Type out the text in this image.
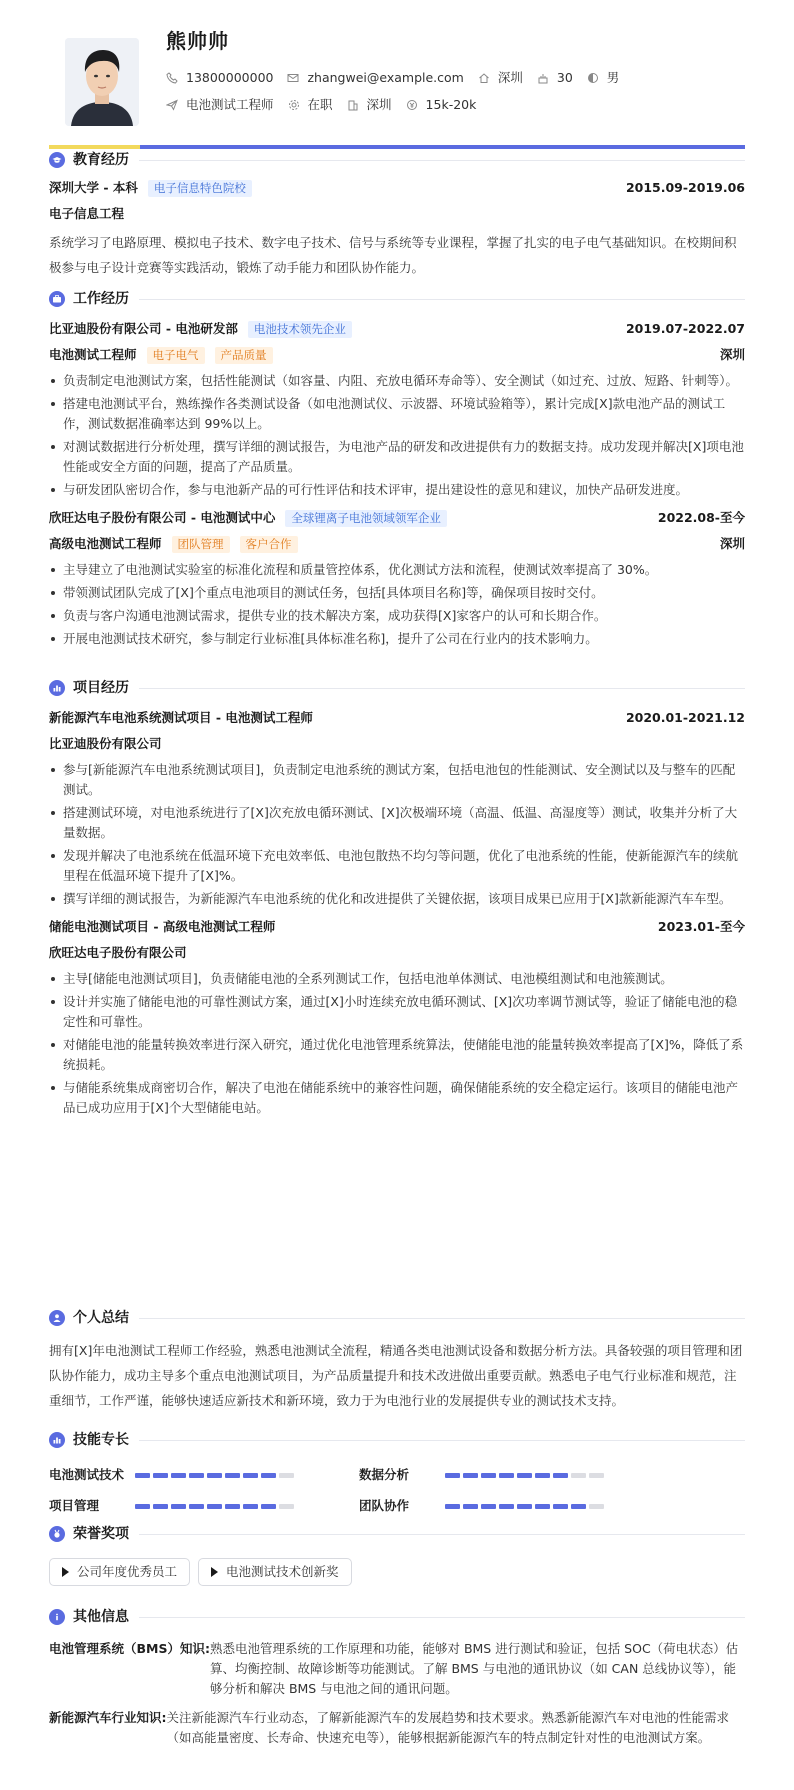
熊帅帅
13800000000	zhangwei@example.com	深圳	30	男
电池测试工程师	在职	深圳	15k-20k
教育经历
深圳大学 - 本科	电子信息特色院校	2015.09-2019.06
电子信息工程
系统学习了电路原理、模拟电子技术、数字电子技术、信号与系统等专业课程，掌握了扎实的电子电气基础知识。在校期间积极参与电子设计竞赛等实践活动，锻炼了动手能力和团队协作能力。
工作经历
比亚迪股份有限公司 - 电池研发部	电池技术领先企业	2019.07-2022.07
电池测试工程师	电子电气	产品质量	深圳
负责制定电池测试方案，包括性能测试（如容量、内阻、充放电循环寿命等）、安全测试（如过充、过放、短路、针刺等）。
搭建电池测试平台，熟练操作各类测试设备（如电池测试仪、示波器、环境试验箱等），累计完成[X]款电池产品的测试工作，测试数据准确率达到 99%以上。
对测试数据进行分析处理，撰写详细的测试报告，为电池产品的研发和改进提供有力的数据支持。成功发现并解决[X]项电池性能或安全方面的问题，提高了产品质量。
与研发团队密切合作，参与电池新产品的可行性评估和技术评审，提出建设性的意见和建议，加快产品研发进度。
欣旺达电子股份有限公司 - 电池测试中心	全球锂离子电池领域领军企业	2022.08-至今
高级电池测试工程师	团队管理	客户合作	深圳
主导建立了电池测试实验室的标准化流程和质量管控体系，优化测试方法和流程，使测试效率提高了 30%。
带领测试团队完成了[X]个重点电池项目的测试任务，包括[具体项目名称]等，确保项目按时交付。
负责与客户沟通电池测试需求，提供专业的技术解决方案，成功获得[X]家客户的认可和长期合作。
开展电池测试技术研究，参与制定行业标准[具体标准名称]，提升了公司在行业内的技术影响力。
项目经历
新能源汽车电池系统测试项目 - 电池测试工程师	2020.01-2021.12
比亚迪股份有限公司
参与[新能源汽车电池系统测试项目]，负责制定电池系统的测试方案，包括电池包的性能测试、安全测试以及与整车的匹配测试。
搭建测试环境，对电池系统进行了[X]次充放电循环测试、[X]次极端环境（高温、低温、高湿度等）测试，收集并分析了大量数据。
发现并解决了电池系统在低温环境下充电效率低、电池包散热不均匀等问题，优化了电池系统的性能，使新能源汽车的续航里程在低温环境下提升了[X]%。
撰写详细的测试报告，为新能源汽车电池系统的优化和改进提供了关键依据，该项目成果已应用于[X]款新能源汽车车型。
储能电池测试项目 - 高级电池测试工程师	2023.01-至今
欣旺达电子股份有限公司
主导[储能电池测试项目]，负责储能电池的全系列测试工作，包括电池单体测试、电池模组测试和电池簇测试。
设计并实施了储能电池的可靠性测试方案，通过[X]小时连续充放电循环测试、[X]次功率调节测试等，验证了储能电池的稳定性和可靠性。
对储能电池的能量转换效率进行深入研究，通过优化电池管理系统算法，使储能电池的能量转换效率提高了[X]%，降低了系统损耗。
与储能系统集成商密切合作，解决了电池在储能系统中的兼容性问题，确保储能系统的安全稳定运行。该项目的储能电池产品已成功应用于[X]个大型储能电站。
个人总结
拥有[X]年电池测试工程师工作经验，熟悉电池测试全流程，精通各类电池测试设备和数据分析方法。具备较强的项目管理和团队协作能力，成功主导多个重点电池测试项目，为产品质量提升和技术改进做出重要贡献。熟悉电子电气行业标准和规范，注重细节，工作严谨，能够快速适应新技术和新环境，致力于为电池行业的发展提供专业的测试技术支持。
技能专长
电池测试技术	数据分析
项目管理	团队协作
荣誉奖项
公司年度优秀员工	电池测试技术创新奖
其他信息
电池管理系统（BMS）知识: 熟悉电池管理系统的工作原理和功能，能够对 BMS 进行测试和验证，包括 SOC（荷电状态）估算、均衡控制、故障诊断等功能测试。了解 BMS 与电池的通讯协议（如 CAN 总线协议等），能够分析和解决 BMS 与电池之间的通讯问题。
新能源汽车行业知识: 关注新能源汽车行业动态，了解新能源汽车的发展趋势和技术要求。熟悉新能源汽车对电池的性能需求（如高能量密度、长寿命、快速充电等），能够根据新能源汽车的特点制定针对性的电池测试方案。
